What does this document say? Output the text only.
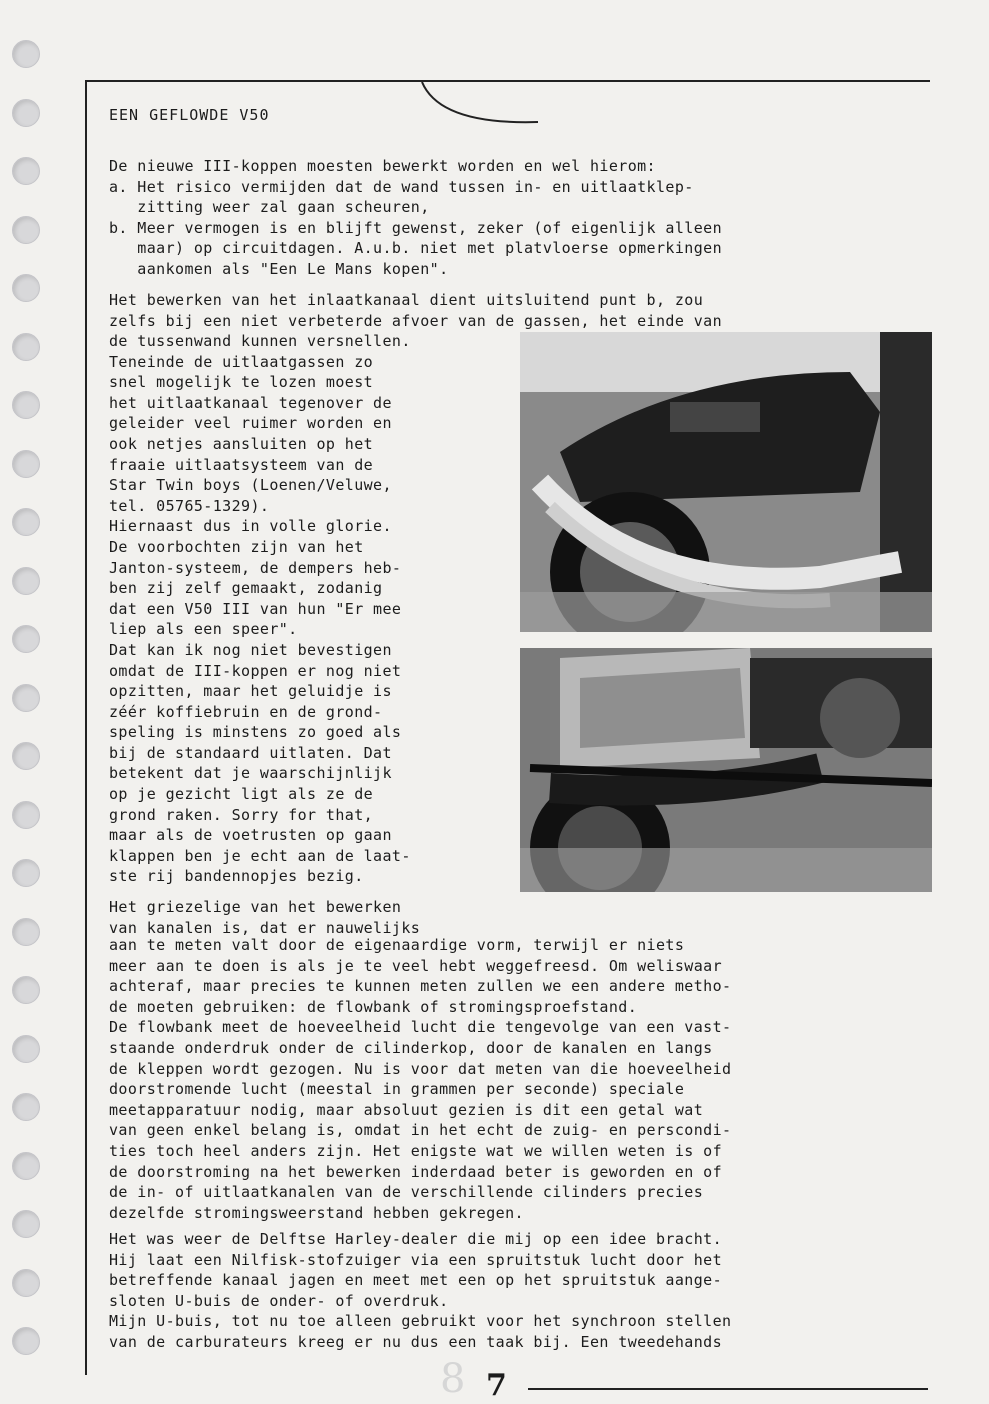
EEN GEFLOWDE V50
De nieuwe III-koppen moesten bewerkt worden en wel hierom:
a. Het risico vermijden dat de wand tussen in- en uitlaatklep-
zitting weer zal gaan scheuren,
b. Meer vermogen is en blijft gewenst, zeker (of eigenlijk alleen
maar) op circuitdagen. A.u.b. niet met platvloerse opmerkingen
aankomen als "Een Le Mans kopen".
Het bewerken van het inlaatkanaal dient uitsluitend punt b, zou
zelfs bij een niet verbeterde afvoer van de gassen, het einde van
de tussenwand kunnen versnellen.
Teneinde de uitlaatgassen zo
snel mogelijk te lozen moest
het uitlaatkanaal tegenover de
geleider veel ruimer worden en
ook netjes aansluiten op het
fraaie uitlaatsysteem van de
Star Twin boys (Loenen/Veluwe,
tel. 05765-1329).
Hiernaast dus in volle glorie.
De voorbochten zijn van het
Janton-systeem, de dempers heb-
ben zij zelf gemaakt, zodanig
dat een V50 III van hun "Er mee
liep als een speer".
Dat kan ik nog niet bevestigen
omdat de III-koppen er nog niet
opzitten, maar het geluidje is
zéér koffiebruin en de grond-
speling is minstens zo goed als
bij de standaard uitlaten. Dat
betekent dat je waarschijnlijk
op je gezicht ligt als ze de
grond raken. Sorry for that,
maar als de voetrusten op gaan
klappen ben je echt aan de laat-
ste rij bandennopjes bezig.
Het griezelige van het bewerken
van kanalen is, dat er nauwelijks
aan te meten valt door de eigenaardige vorm, terwijl er niets
meer aan te doen is als je te veel hebt weggefreesd. Om weliswaar
achteraf, maar precies te kunnen meten zullen we een andere metho-
de moeten gebruiken: de flowbank of stromingsproefstand.
De flowbank meet de hoeveelheid lucht die tengevolge van een vast-
staande onderdruk onder de cilinderkop, door de kanalen en langs
de kleppen wordt gezogen. Nu is voor dat meten van die hoeveelheid
doorstromende lucht (meestal in grammen per seconde) speciale
meetapparatuur nodig, maar absoluut gezien is dit een getal wat
van geen enkel belang is, omdat in het echt de zuig- en perscondi-
ties toch heel anders zijn. Het enigste wat we willen weten is of
de doorstroming na het bewerken inderdaad beter is geworden en of
de in- of uitlaatkanalen van de verschillende cilinders precies
dezelfde stromingsweerstand hebben gekregen.
Het was weer de Delftse Harley-dealer die mij op een idee bracht.
Hij laat een Nilfisk-stofzuiger via een spruitstuk lucht door het
betreffende kanaal jagen en meet met een op het spruitstuk aange-
sloten U-buis de onder- of overdruk.
Mijn U-buis, tot nu toe alleen gebruikt voor het synchroon stellen
van de carburateurs kreeg er nu dus een taak bij. Een tweedehands
8 7
